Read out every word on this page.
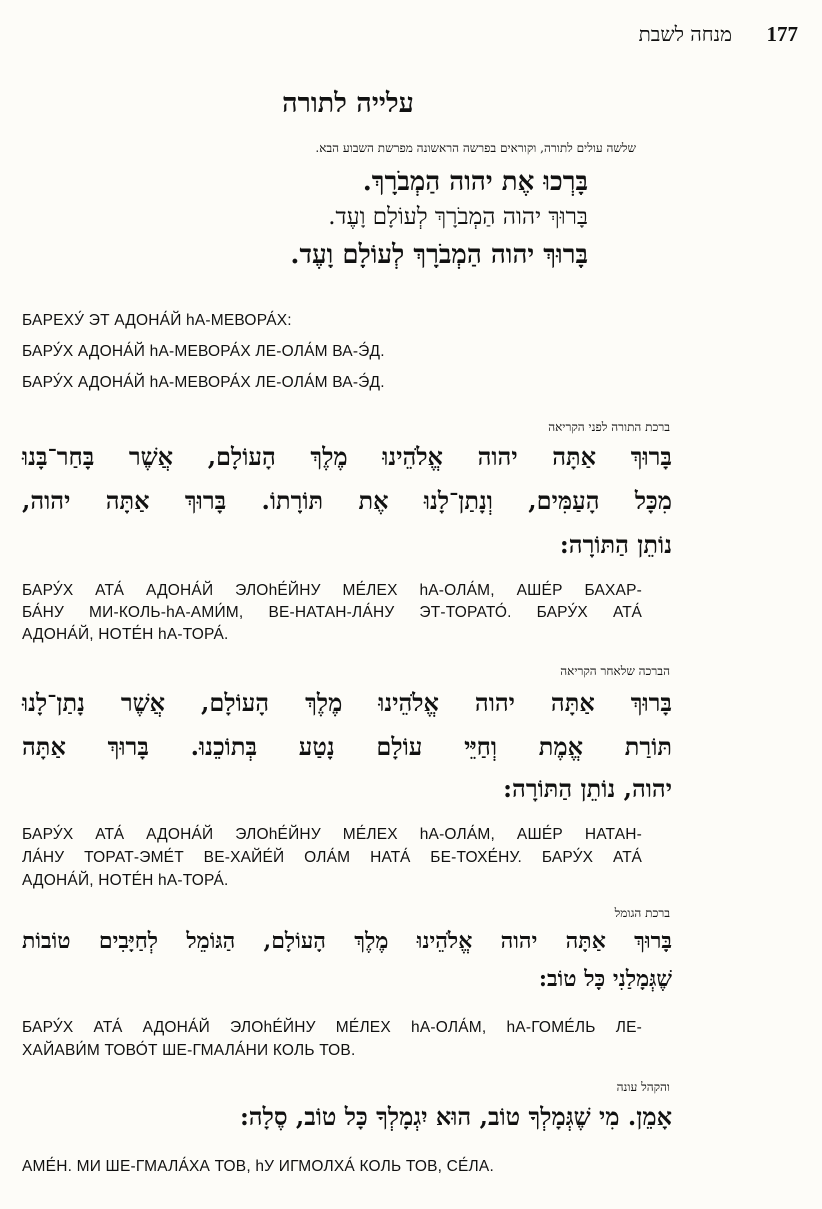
177
מנחה לשבת
עלייה לתורה
שלשה עולים לתורה, וקוראים בפרשה הראשונה מפרשת השבוע הבא.
בָּרְכוּ אֶת יהוה הַמְבֹרָךְ.
בָּרוּךְ יהוה הַמְבֹרָךְ לְעוֹלָם וָעֶד.
בָּרוּךְ יהוה הַמְבֹרָךְ לְעוֹלָם וָעֶד.
БАРЕХУ́ ЭТ АДОНА́Й hА-МЕВОРА́Х:
БАРУ́Х АДОНА́Й hА-МЕВОРА́Х ЛЕ-ОЛА́М ВА-Э́Д.
БАРУ́Х АДОНА́Й hА-МЕВОРА́Х ЛЕ-ОЛА́М ВА-Э́Д.
ברכת התורה לפני הקריאה
בָּרוּךְ אַתָּה יהוה אֱלֹהֵינוּ מֶלֶךְ הָעוֹלָם, אֲשֶׁר בָּחַר־בָּנוּ
מִכָּל הָעַמִּים, וְנָתַן־לָנוּ אֶת תּוֹרָתוֹ. בָּרוּךְ אַתָּה יהוה,
נוֹתֵן הַתּוֹרָה:
БАРУ́Х АТА́ АДОНА́Й ЭЛОhЕ́ЙНУ МЕ́ЛЕХ hА-ОЛА́М, АШЕ́Р БАХАР-
БА́НУ МИ-КОЛЬ-hА-АМИ́М, ВЕ-НАТАН-ЛА́НУ ЭТ-ТОРАТО́. БАРУ́Х АТА́
АДОНА́Й, НОТЕ́Н hА-ТОРА́.
הברכה שלאחר הקריאה
בָּרוּךְ אַתָּה יהוה אֱלֹהֵינוּ מֶלֶךְ הָעוֹלָם, אֲשֶׁר נָתַן־לָנוּ
תּוֹרַת אֱמֶת וְחַיֵּי עוֹלָם נָטַע בְּתוֹכֵנוּ. בָּרוּךְ אַתָּה
יהוה, נוֹתֵן הַתּוֹרָה:
БАРУ́Х АТА́ АДОНА́Й ЭЛОhЕ́ЙНУ МЕ́ЛЕХ hА-ОЛА́М, АШЕ́Р НАТАН-
ЛА́НУ ТОРАТ-ЭМЕ́Т ВЕ-ХАЙЕ́Й ОЛА́М НАТА́ БЕ-ТОХЕ́НУ. БАРУ́Х АТА́
АДОНА́Й, НОТЕ́Н hА-ТОРА́.
ברכת הגומל
בָּרוּךְ אַתָּה יהוה אֱלֹהֵינוּ מֶלֶךְ הָעוֹלָם, הַגּוֹמֵל לְחַיָּבִים טוֹבוֹת
שֶׁגְּמָלַנִי כָּל טוֹב:
БАРУ́Х АТА́ АДОНА́Й ЭЛОhЕ́ЙНУ МЕ́ЛЕХ hА-ОЛА́М, hА-ГОМЕ́ЛЬ ЛЕ-
ХАЙАВИ́М ТОВО́Т ШЕ-ГМАЛА́НИ КОЛЬ ТОВ.
והקהל עונה
אָמֵן. מִי שֶׁגְּמָלְךָ טוֹב, הוּא יִגְמָלְךָ כָּל טוֹב, סֶלָה:
АМЕ́Н. МИ ШЕ-ГМАЛА́ХА ТОВ, hУ ИГМОЛХА́ КОЛЬ ТОВ, СЕ́ЛА.
